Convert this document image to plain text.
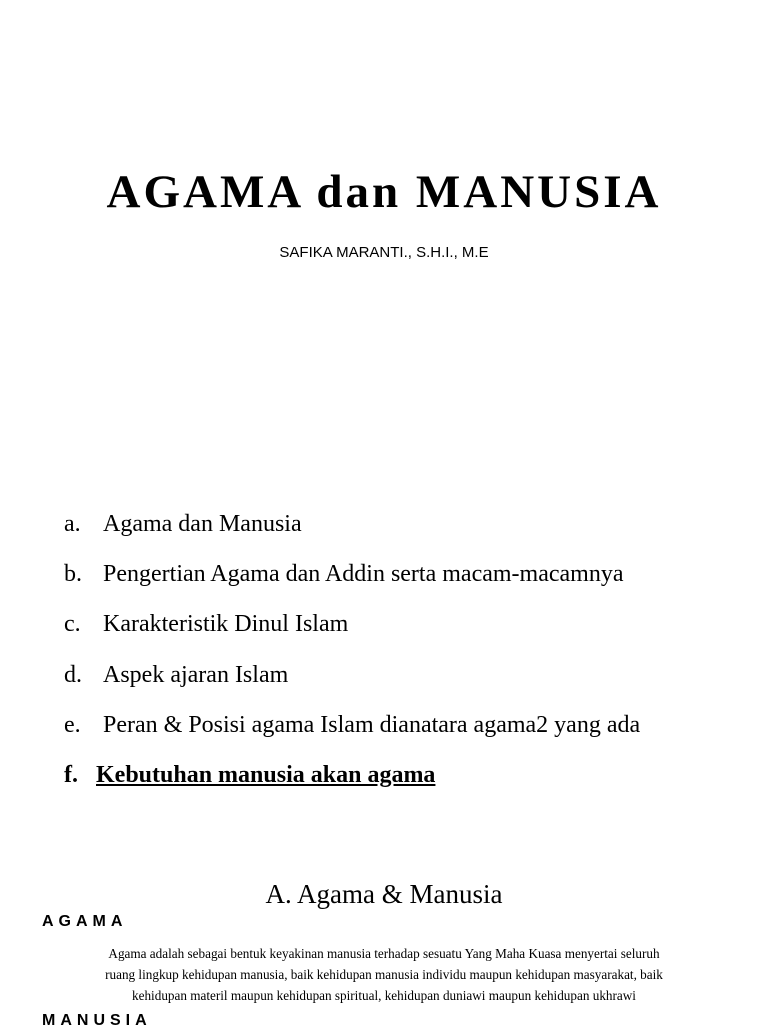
AGAMA dan MANUSIA
SAFIKA MARANTI., S.H.I., M.E
a. Agama dan Manusia
b. Pengertian Agama dan Addin serta macam-macamnya
c. Karakteristik Dinul Islam
d. Aspek ajaran Islam
e. Peran & Posisi agama Islam dianatara agama2 yang ada
f. Kebutuhan manusia akan agama
A. Agama & Manusia
AGAMA
Agama adalah sebagai bentuk keyakinan manusia terhadap sesuatu Yang Maha Kuasa menyertai seluruh
ruang lingkup kehidupan manusia, baik kehidupan manusia individu maupun kehidupan masyarakat, baik
kehidupan materil maupun kehidupan spiritual, kehidupan duniawi maupun kehidupan ukhrawi
MANUSIA
